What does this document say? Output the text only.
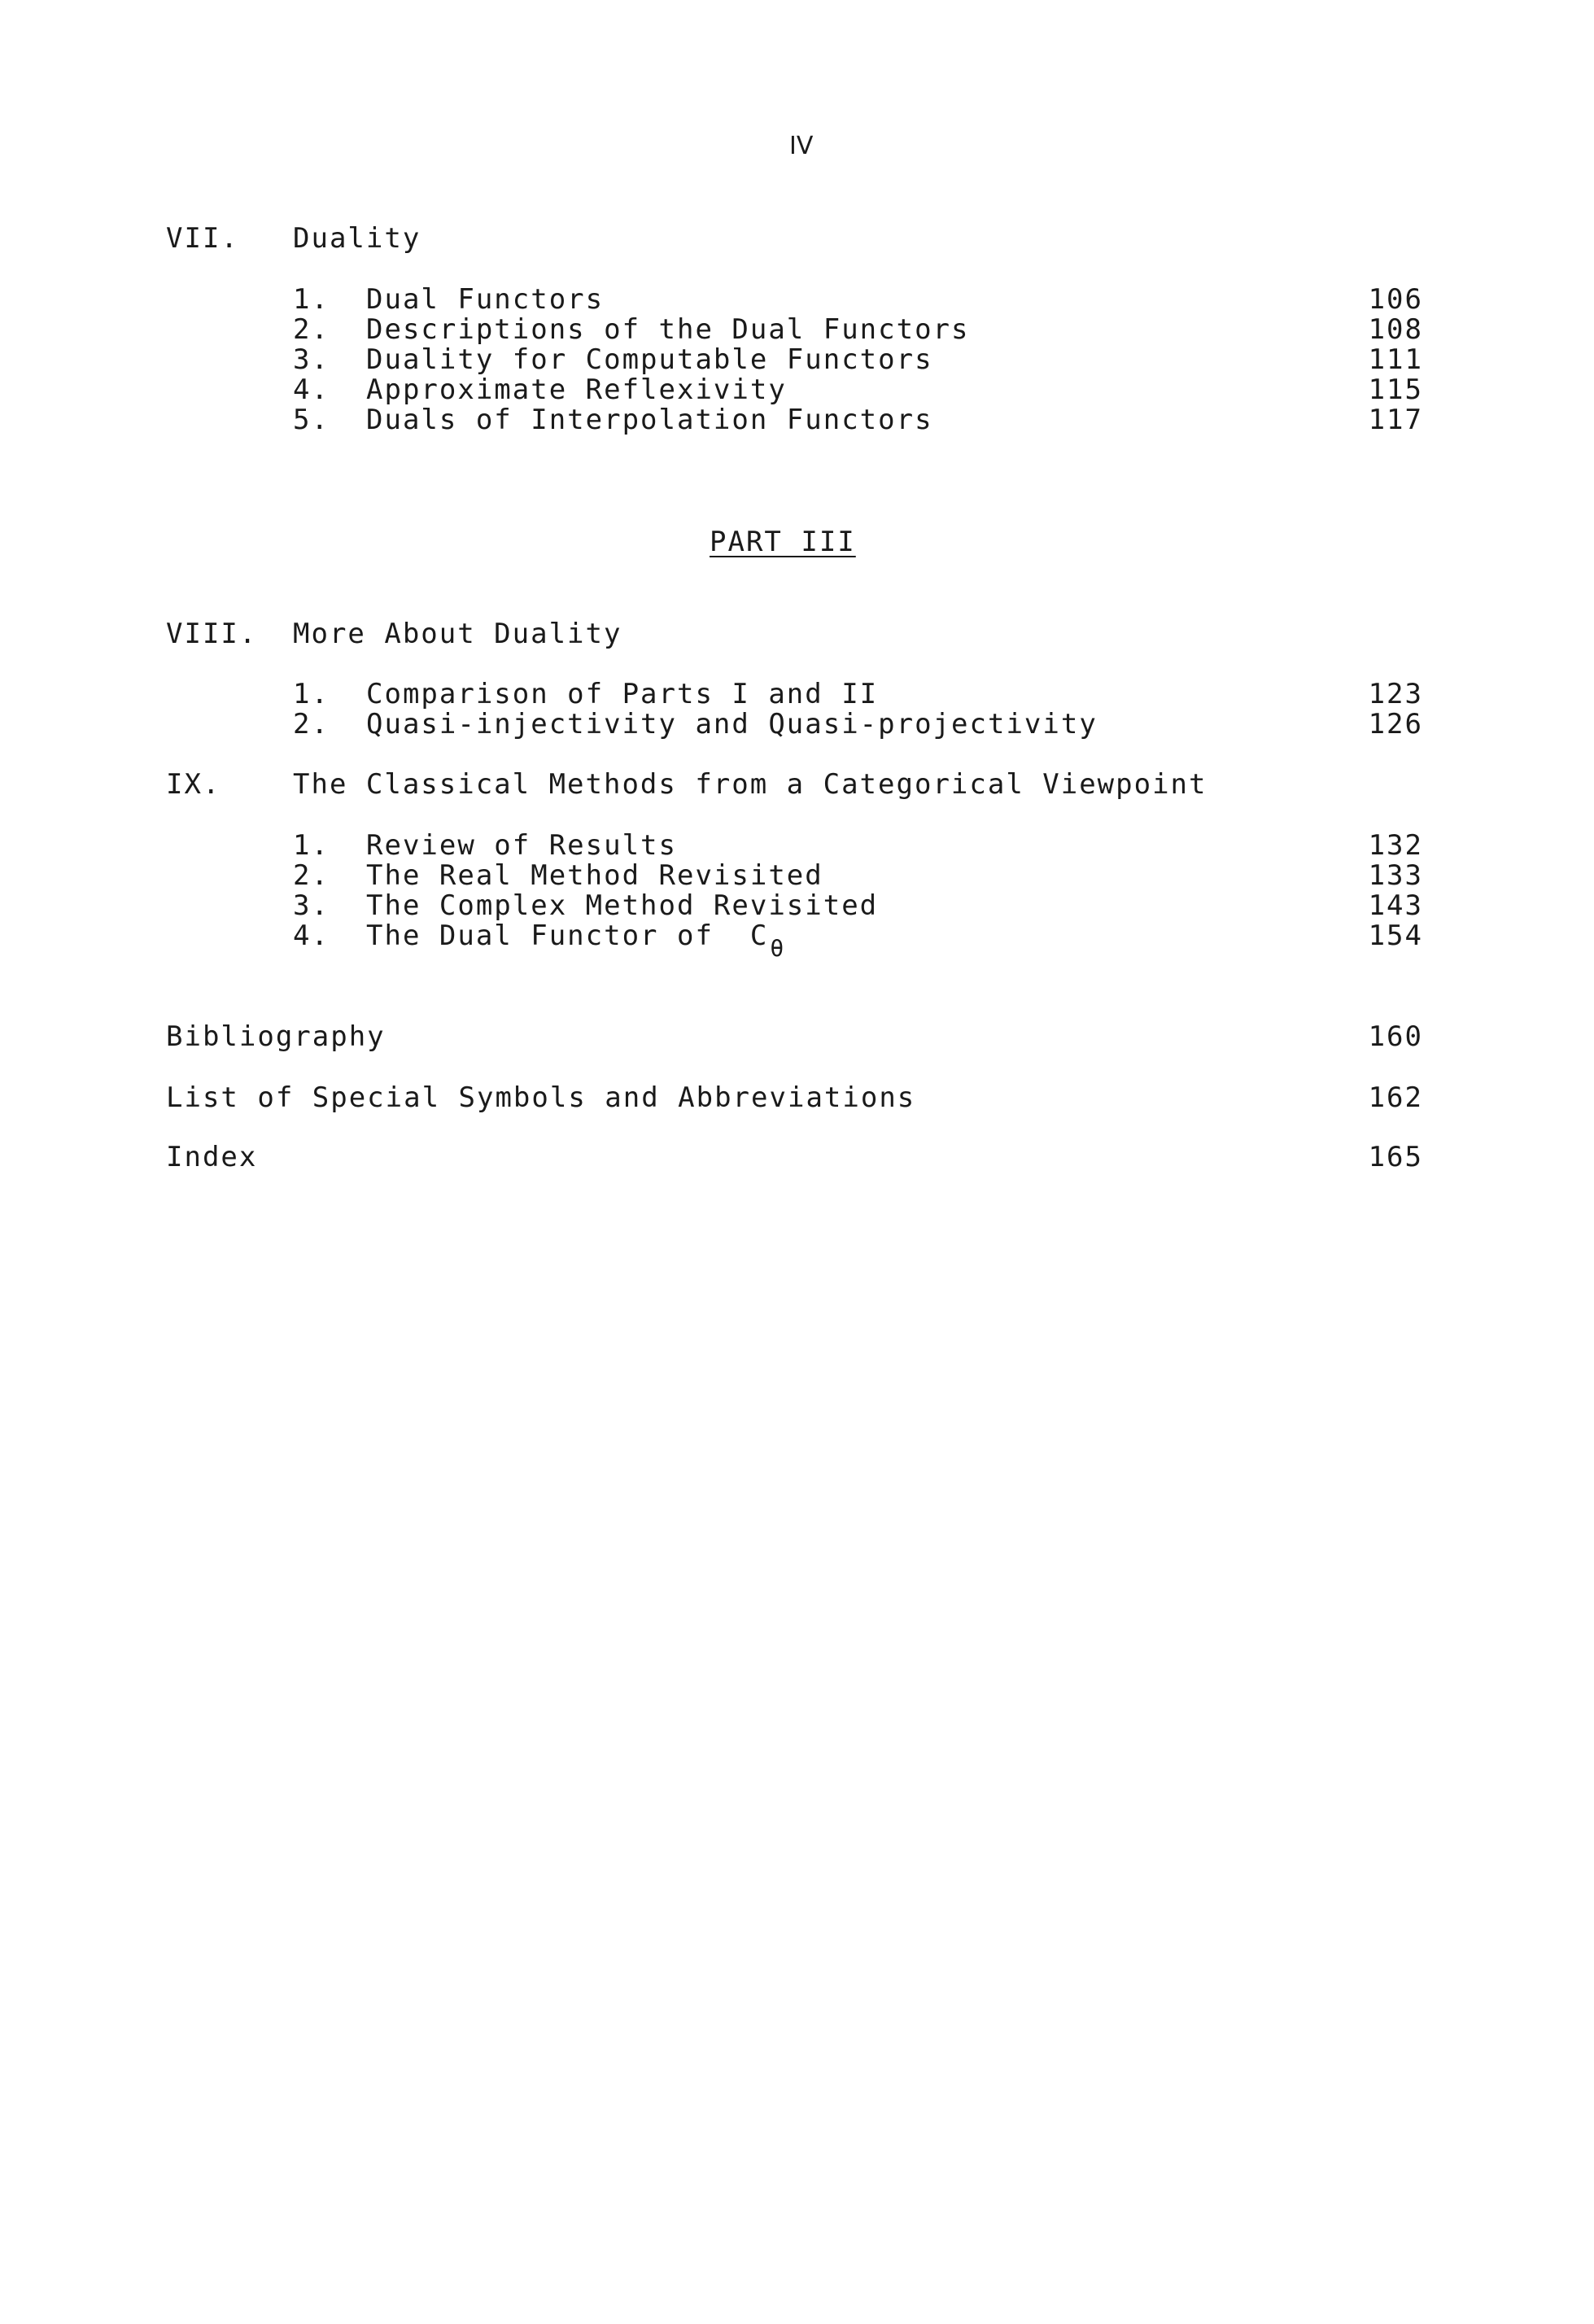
IV
VII. Duality
1. Dual Functors	106
2. Descriptions of the Dual Functors	108
3. Duality for Computable Functors	111
4. Approximate Reflexivity	115
5. Duals of Interpolation Functors	117
PART III
VIII. More About Duality
1. Comparison of Parts I and II	123
2. Quasi-injectivity and Quasi-projectivity	126
IX.	The Classical Methods from a Categorical Viewpoint
1. Review of Results	132
2. The Real Method Revisited	133
3. The Complex Method Revisited	143
4. The Dual Functor of  $C_\theta$	154
Bibliography	160
List of Special Symbols and Abbreviations	162
Index	165
